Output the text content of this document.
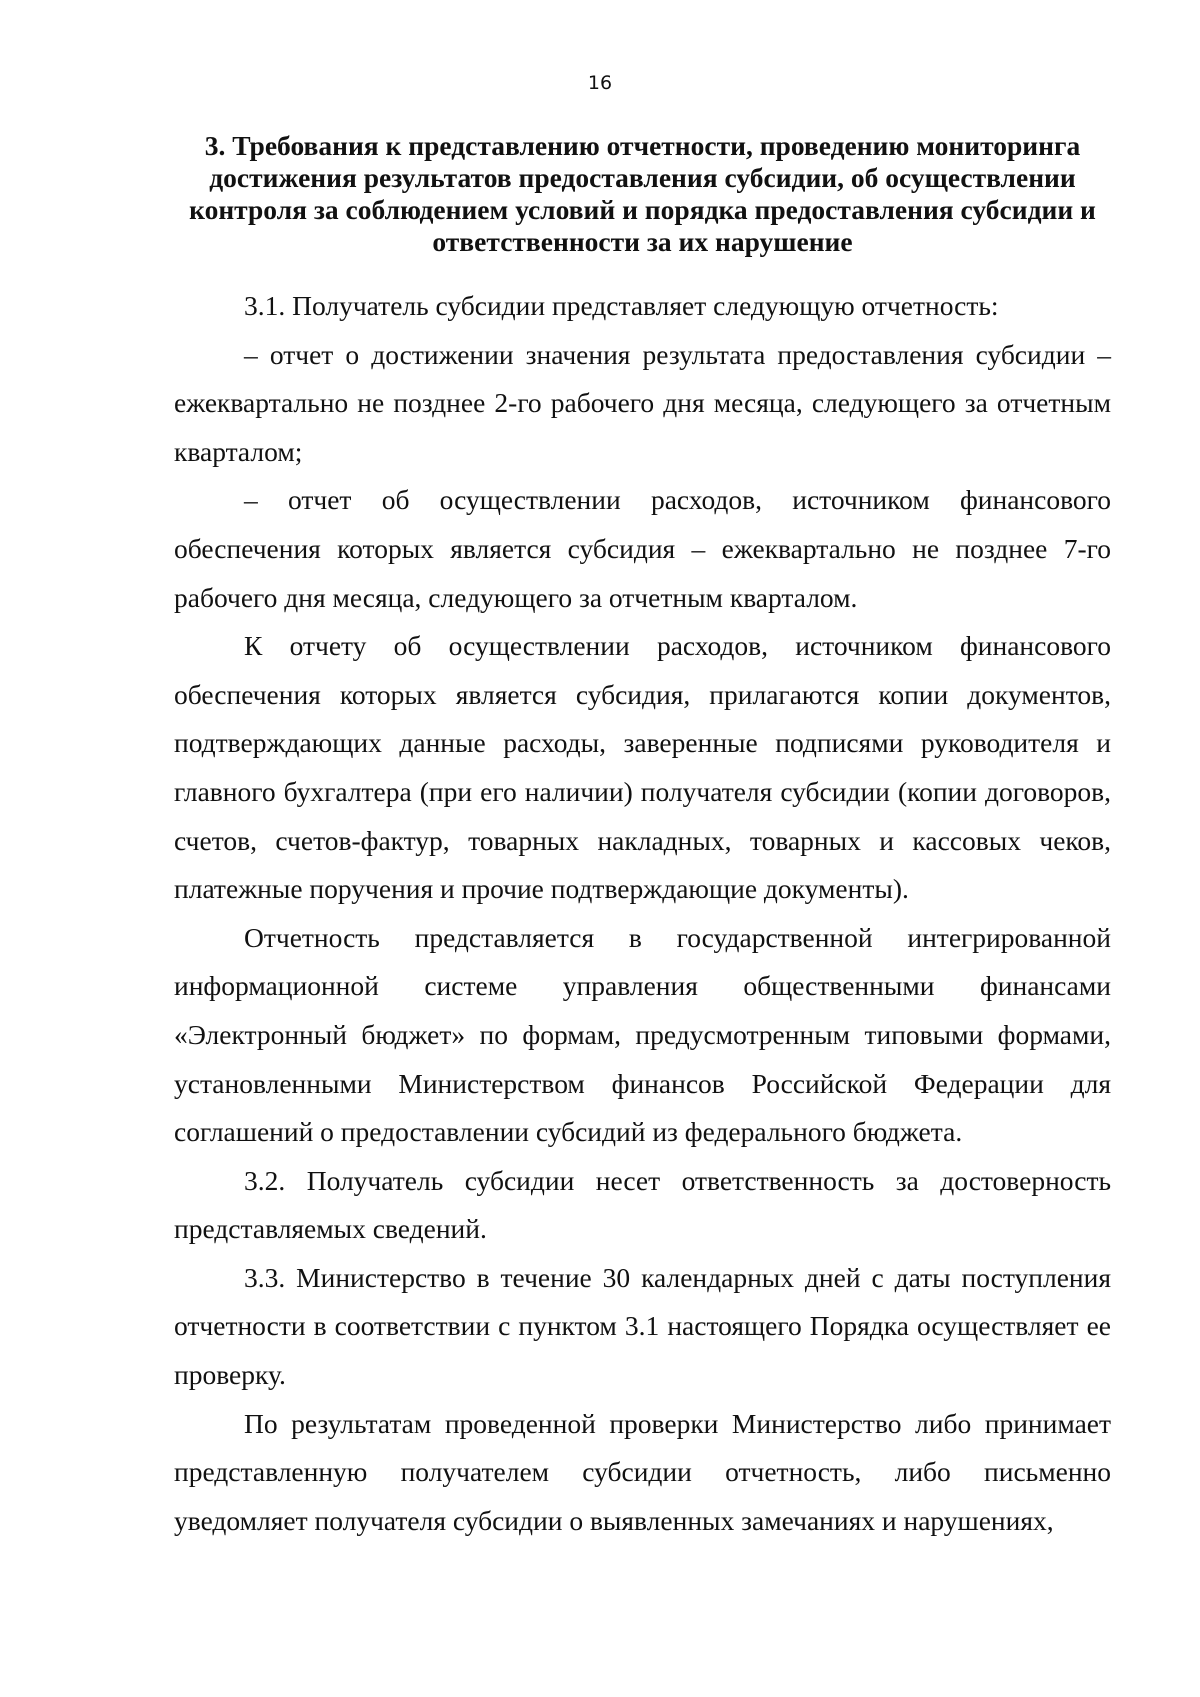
16
3. Требования к представлению отчетности, проведению мониторинга достижения результатов предоставления субсидии, об осуществлении контроля за соблюдением условий и порядка предоставления субсидии и ответственности за их нарушение

3.1. Получатель субсидии представляет следующую отчетность:

– отчет о достижении значения результата предоставления субсидии – ежеквартально не позднее 2-го рабочего дня месяца, следующего за отчетным кварталом;

– отчет об осуществлении расходов, источником финансового обеспечения которых является субсидия – ежеквартально не позднее 7-го рабочего дня месяца, следующего за отчетным кварталом.

К отчету об осуществлении расходов, источником финансового обеспечения которых является субсидия, прилагаются копии документов, подтверждающих данные расходы, заверенные подписями руководителя и главного бухгалтера (при его наличии) получателя субсидии (копии договоров, счетов, счетов-фактур, товарных накладных, товарных и кассовых чеков, платежные поручения и прочие подтверждающие документы).

Отчетность представляется в государственной интегрированной информационной системе управления общественными финансами «Электронный бюджет» по формам, предусмотренным типовыми формами, установленными Министерством финансов Российской Федерации для соглашений о предоставлении субсидий из федерального бюджета.

3.2. Получатель субсидии несет ответственность за достоверность представляемых сведений.

3.3. Министерство в течение 30 календарных дней с даты поступления отчетности в соответствии с пунктом 3.1 настоящего Порядка осуществляет ее проверку.

По результатам проведенной проверки Министерство либо принимает представленную получателем субсидии отчетность, либо письменно уведомляет получателя субсидии о выявленных замечаниях и нарушениях,
